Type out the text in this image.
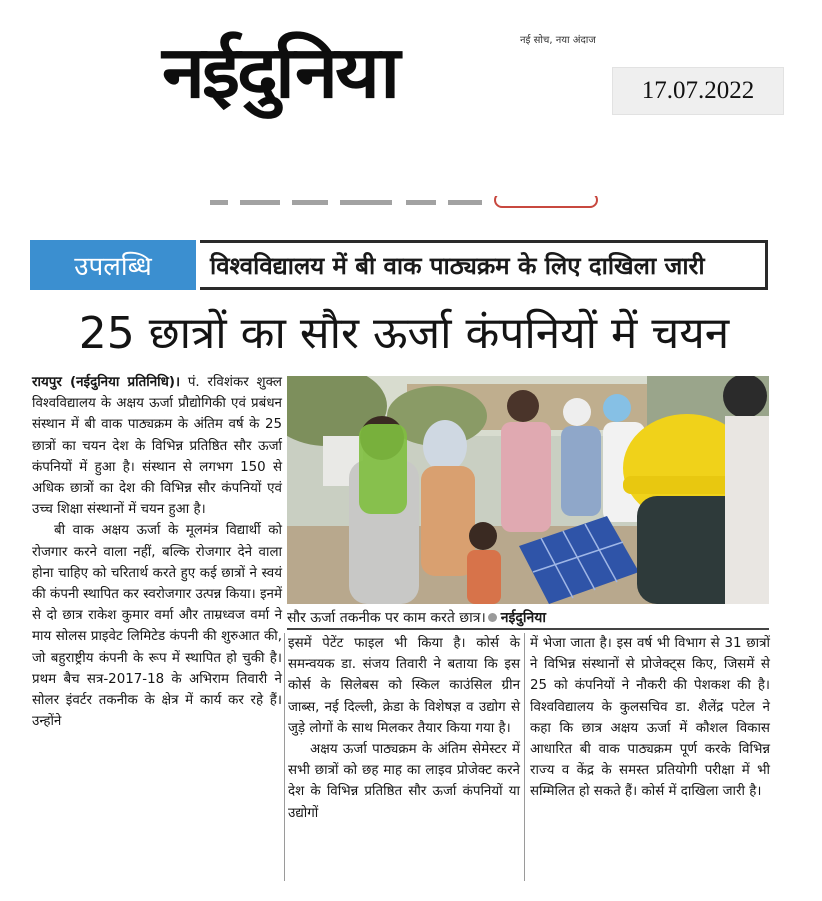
नई सोच, नया अंदाज
नईदुनिया	17.07.2022
उपलब्धि	विश्वविद्यालय में बी वाक पाठ्यक्रम के लिए दाखिला जारी
25 छात्रों का सौर ऊर्जा कंपनियों में चयन
सौर ऊर्जा तकनीक पर काम करते छात्र। नईदुनिया

रायपुर (नईदुनिया प्रतिनिधि)। पं. रविशंकर शुक्ल विश्वविद्यालय के अक्षय ऊर्जा प्रौद्योगिकी एवं प्रबंधन संस्थान में बी वाक पाठ्यक्रम के अंतिम वर्ष के 25 छात्रों का चयन देश के विभिन्न प्रतिष्ठित सौर ऊर्जा कंपनियों में हुआ है। संस्थान से लगभग 150 से अधिक छात्रों का देश की विभिन्न सौर कंपनियों एवं उच्च शिक्षा संस्थानों में चयन हुआ है।

बी वाक अक्षय ऊर्जा के मूलमंत्र विद्यार्थी को रोजगार करने वाला नहीं, बल्कि रोजगार देने वाला होना चाहिए को चरितार्थ करते हुए कई छात्रों ने स्वयं की कंपनी स्थापित कर स्वरोजगार उत्पन्न किया। इनमें से दो छात्र राकेश कुमार वर्मा और ताम्रध्वज वर्मा ने माय सोलस प्राइवेट लिमिटेड कंपनी की शुरुआत की, जो बहुराष्ट्रीय कंपनी के रूप में स्थापित हो चुकी है। प्रथम बैच सत्र-2017-18 के अभिराम तिवारी ने सोलर इंवर्टर तकनीक के क्षेत्र में कार्य कर रहे हैं। उन्होंने

इसमें पेटेंट फाइल भी किया है। कोर्स के समन्वयक डा. संजय तिवारी ने बताया कि इस कोर्स के सिलेबस को स्किल काउंसिल ग्रीन जाब्स, नई दिल्ली, क्रेडा के विशेषज्ञ व उद्योग से जुड़े लोगों के साथ मिलकर तैयार किया गया है।

अक्षय ऊर्जा पाठ्यक्रम के अंतिम सेमेस्टर में सभी छात्रों को छह माह का लाइव प्रोजेक्ट करने देश के विभिन्न प्रतिष्ठित सौर ऊर्जा कंपनियों या उद्योगों

में भेजा जाता है। इस वर्ष भी विभाग से 31 छात्रों ने विभिन्न संस्थानों से प्रोजेक्ट्स किए, जिसमें से 25 को कंपनियों ने नौकरी की पेशकश की है। विश्वविद्यालय के कुलसचिव डा. शैलेंद्र पटेल ने कहा कि छात्र अक्षय ऊर्जा में कौशल विकास आधारित बी वाक पाठ्यक्रम पूर्ण करके विभिन्न राज्य व केंद्र के समस्त प्रतियोगी परीक्षा में भी सम्मिलित हो सकते हैं। कोर्स में दाखिला जारी है।
